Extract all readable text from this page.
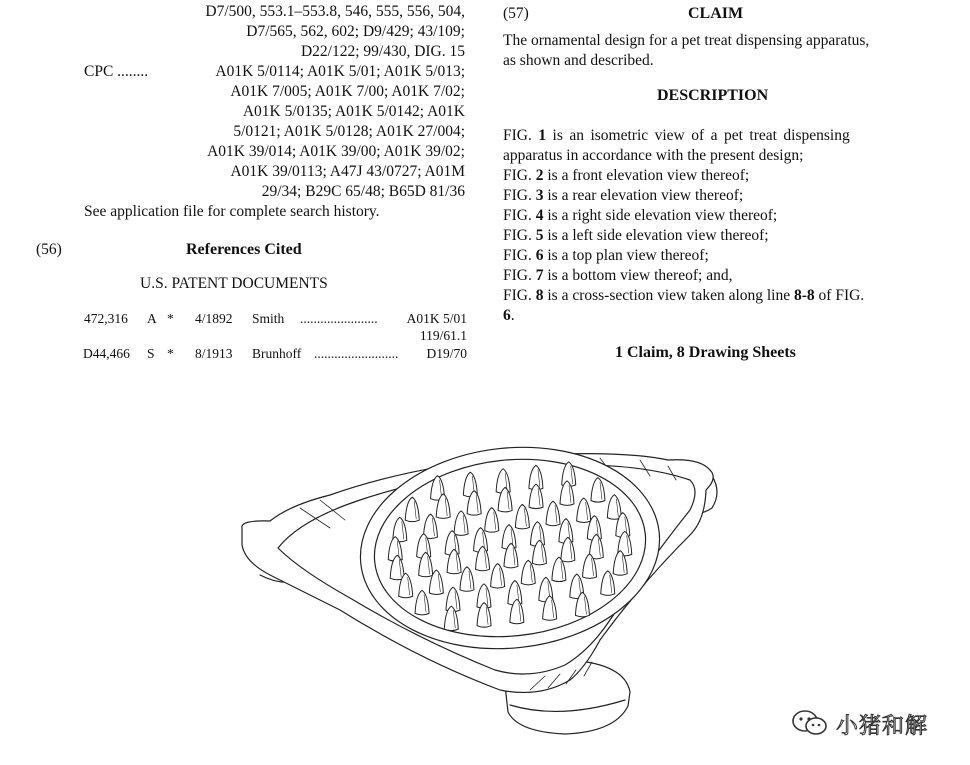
D7/500, 553.1–553.8, 546, 555, 556, 504,
D7/565, 562, 602; D9/429; 43/109;
D22/122; 99/430, DIG. 15
CPC ........	A01K 5/0114; A01K 5/01; A01K 5/013;
A01K 7/005; A01K 7/00; A01K 7/02;
A01K 5/0135; A01K 5/0142; A01K
5/0121; A01K 5/0128; A01K 27/004;
A01K 39/014; A01K 39/00; A01K 39/02;
A01K 39/0113; A47J 43/0727; A01M
29/34; B29C 65/48; B65D 81/36
See application file for complete search history.
(56)	References Cited
U.S. PATENT DOCUMENTS
472,316 A * 4/1892 Smith ....................... A01K 5/01
119/61.1
D44,466 S * 8/1913 Brunhoff ......................... D19/70
(57)	CLAIM
The ornamental design for a pet treat dispensing apparatus,
as shown and described.
DESCRIPTION
FIG. 1 is an isometric view of a pet treat dispensing
apparatus in accordance with the present design;
FIG. 2 is a front elevation view thereof;
FIG. 3 is a rear elevation view thereof;
FIG. 4 is a right side elevation view thereof;
FIG. 5 is a left side elevation view thereof;
FIG. 6 is a top plan view thereof;
FIG. 7 is a bottom view thereof; and,
FIG. 8 is a cross-section view taken along line 8-8 of FIG.
6.
1 Claim, 8 Drawing Sheets
小猪和解
